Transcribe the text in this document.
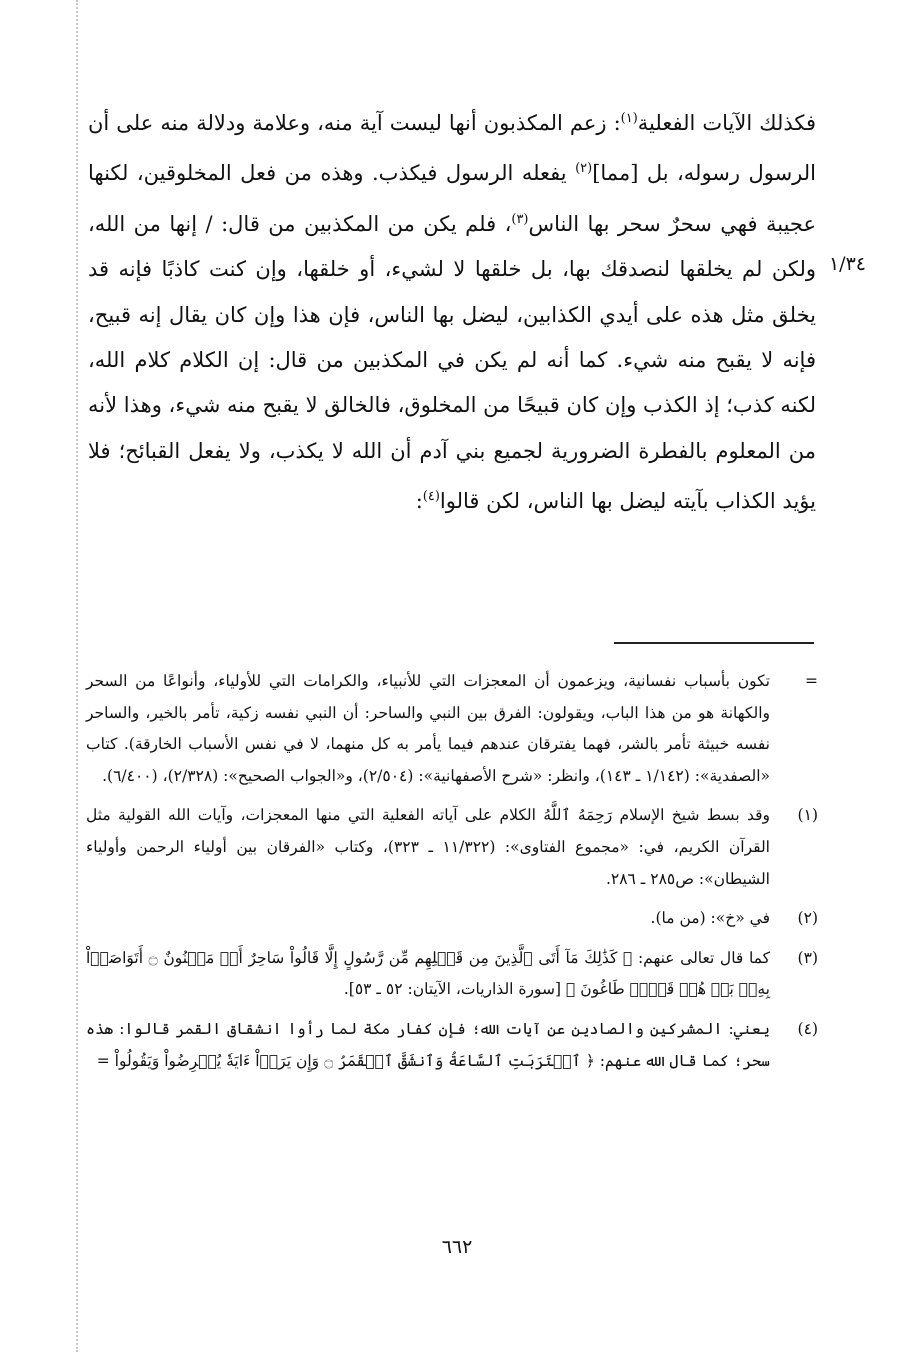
١/٣٤

فكذلك الآيات الفعلية$^{(١)}$: زعم المكذبون أنها ليست آية منه، وعلامة ودلالة منه على أن الرسول رسوله، بل [مما]$^{(٢)}$ يفعله الرسول فيكذب. وهذه من فعل المخلوقين، لكنها عجيبة فهي سحرٌ سحر بها الناس$^{(٣)}$، فلم يكن من المكذبين من قال: / إنها من الله، ولكن لم يخلقها لنصدقك بها، بل خلقها لا لشيء، أو خلقها، وإن كنت كاذبًا فإنه قد يخلق مثل هذه على أيدي الكذابين، ليضل بها الناس، فإن هذا وإن كان يقال إنه قبيح، فإنه لا يقبح منه شيء. كما أنه لم يكن في المكذبين من قال: إن الكلام كلام الله، لكنه كذب؛ إذ الكذب وإن كان قبيحًا من المخلوق، فالخالق لا يقبح منه شيء، وهذا لأنه من المعلوم بالفطرة الضرورية لجميع بني آدم أن الله لا يكذب، ولا يفعل القبائح؛ فلا يؤيد الكذاب بآيته ليضل بها الناس، لكن قالوا$^{(٤)}$:

=
تكون بأسباب نفسانية، ويزعمون أن المعجزات التي للأنبياء، والكرامات التي للأولياء، وأنواعًا من السحر والكهانة هو من هذا الباب، ويقولون: الفرق بين النبي والساحر: أن النبي نفسه زكية، تأمر بالخير، والساحر نفسه خبيثة تأمر بالشر، فهما يفترقان عندهم فيما يأمر به كل منهما، لا في نفس الأسباب الخارقة). كتاب «الصفدية»: (١/١٤٢ ـ ١٤٣)، وانظر: «شرح الأصفهانية»: (٢/٥٠٤)، و«الجواب الصحيح»: (٢/٣٢٨)، (٦/٤٠٠).
(١)
وقد بسط شيخ الإسلام رَحِمَهُ ٱللَّهُ الكلام على آياته الفعلية التي منها المعجزات، وآيات الله القولية مثل القرآن الكريم، في: «مجموع الفتاوى»: (١١/٣٢٢ ـ ٣٢٣)، وكتاب «الفرقان بين أولياء الرحمن وأولياء الشيطان»: ص٢٨٥ ـ ٢٨٦.
(٢)
في «خ»: (من ما).
(٣)
كما قال تعالى عنهم: ﴿ كَذَٰلِكَ مَآ أَتَى ٱلَّذِينَ مِن قَبۡلِهِم مِّن رَّسُولٍ إِلَّا قَالُواْ سَاحِرٌ أَوۡ مَجۡنُونٌ ۝ أَتَوَاصَوۡاْ بِهِۦۚ بَلۡ هُمۡ قَوۡمٞ طَاغُونَ ﴾ [سورة الذاريات، الآيتان: ٥٢ ـ ٥٣].
(٤)
يعني: المشركين والصادين عن آيات الله؛ فإن كفار مكة لما رأوا انشقاق القمر قالوا: هذه سحر؛ كما قال الله عنهم: ﴿ ٱقۡتَرَبَتِ ٱلسَّاعَةُ وَٱنشَقَّ ٱلۡقَمَرُ ۝ وَإِن يَرَوۡاْ ءَايَةٗ يُعۡرِضُواْ وَيَقُولُواْ =
٦٦٢
